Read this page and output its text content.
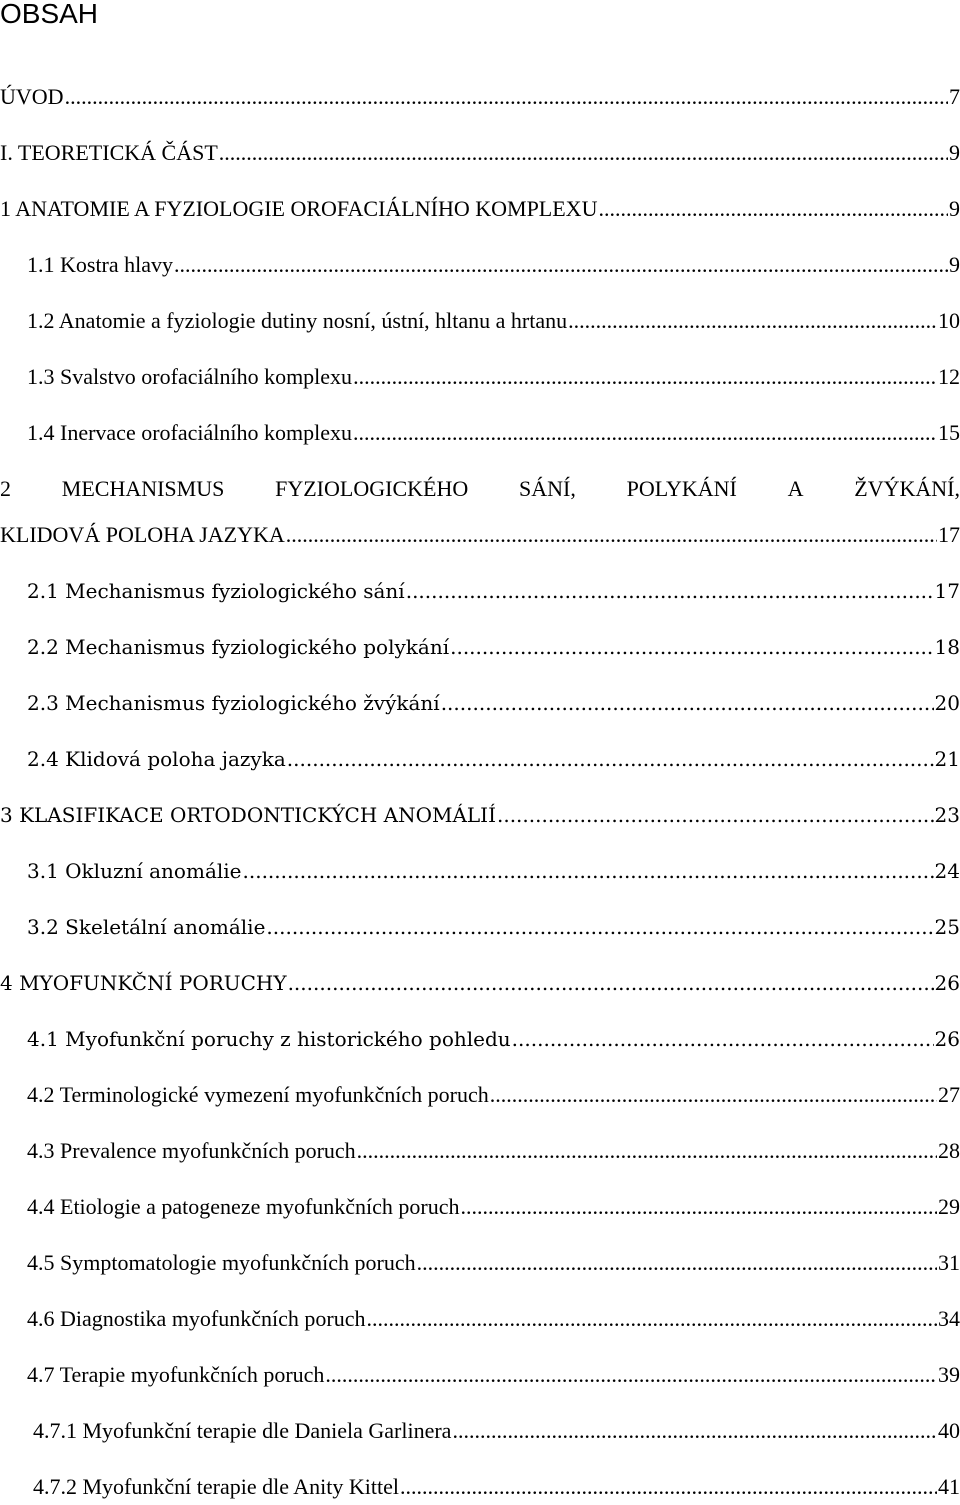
OBSAH
ÚVOD .....	7
I. TEORETICKÁ ČÁST .....	9
1 ANATOMIE A FYZIOLOGIE OROFACIÁLNÍHO KOMPLEXU .....	9
1.1 Kostra hlavy .....	9
1.2 Anatomie a fyziologie dutiny nosní, ústní, hltanu a hrtanu .....	10
1.3 Svalstvo orofaciálního komplexu .....	12
1.4 Inervace orofaciálního komplexu .....	15
2 MECHANISMUS FYZIOLOGICKÉHO SÁNÍ, POLYKÁNÍ A ŽVÝKÁNÍ,
KLIDOVÁ POLOHA JAZYKA .....	17
2.1 Mechanismus fyziologického sání .....	17
2.2 Mechanismus fyziologického polykání .....	18
2.3 Mechanismus fyziologického žvýkání .....	20
2.4 Klidová poloha jazyka .....	21
3 KLASIFIKACE ORTODONTICKÝCH ANOMÁLIÍ .....	23
3.1 Okluzní anomálie .....	24
3.2 Skeletální anomálie .....	25
4 MYOFUNKČNÍ PORUCHY .....	26
4.1 Myofunkční poruchy z historického pohledu .....	26
4.2 Terminologické vymezení myofunkčních poruch .....	27
4.3 Prevalence myofunkčních poruch .....	28
4.4 Etiologie a patogeneze myofunkčních poruch .....	29
4.5 Symptomatologie myofunkčních poruch .....	31
4.6 Diagnostika myofunkčních poruch .....	34
4.7 Terapie myofunkčních poruch .....	39
4.7.1 Myofunkční terapie dle Daniela Garlinera .....	40
4.7.2 Myofunkční terapie dle Anity Kittel .....	41
